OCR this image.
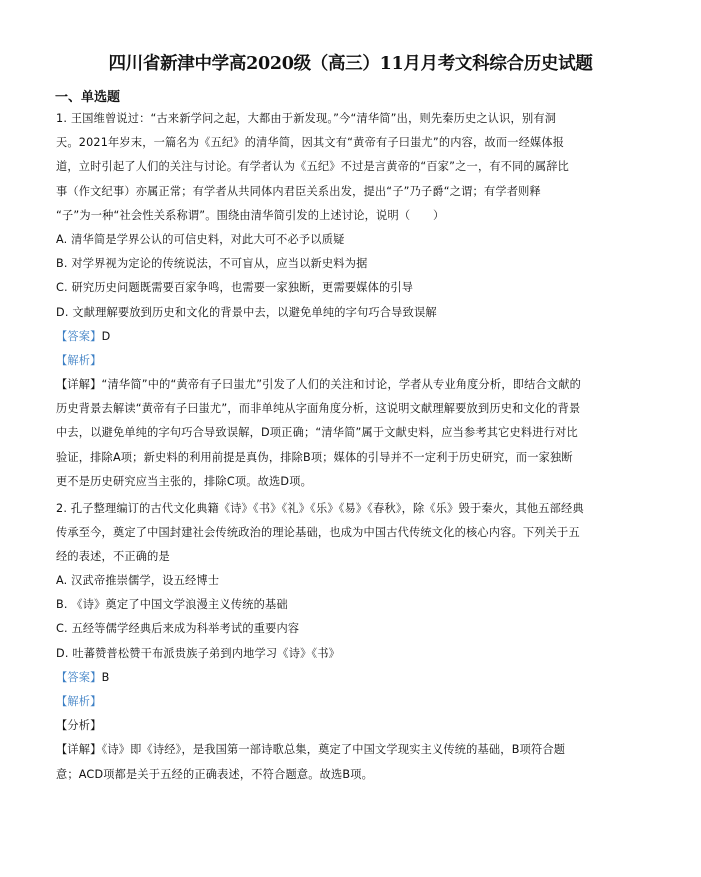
四川省新津中学高2020级（高三）11月月考文科综合历史试题
一、单选题
1. 王国维曾说过：“古来新学问之起，大都由于新发现。”今“清华简”出，则先秦历史之认识，别有洞
天。2021年岁末，一篇名为《五纪》的清华简，因其文有“黄帝有子曰蚩尤”的内容，故而一经媒体报
道，立时引起了人们的关注与讨论。有学者认为《五纪》不过是言黄帝的“百家”之一，有不同的属辞比
事（作文纪事）亦属正常；有学者从共同体内君臣关系出发，提出“子”乃子爵“之谓；有学者则释
“子”为一种“社会性关系称谓”。围绕由清华简引发的上述讨论，说明（　　）
A. 清华简是学界公认的可信史料，对此大可不必予以质疑
B. 对学界视为定论的传统说法，不可盲从，应当以新史料为据
C. 研究历史问题既需要百家争鸣，也需要一家独断，更需要媒体的引导
D. 文献理解要放到历史和文化的背景中去，以避免单纯的字句巧合导致误解
【答案】D
【解析】
【详解】“清华简”中的“黄帝有子曰蚩尤”引发了人们的关注和讨论，学者从专业角度分析，即结合文献的
历史背景去解读“黄帝有子曰蚩尤”，而非单纯从字面角度分析，这说明文献理解要放到历史和文化的背景
中去，以避免单纯的字句巧合导致误解，D项正确；“清华简”属于文献史料，应当参考其它史料进行对比
验证，排除A项；新史料的利用前提是真伪，排除B项；媒体的引导并不一定利于历史研究，而一家独断
更不是历史研究应当主张的，排除C项。故选D项。
2. 孔子整理编订的古代文化典籍《诗》《书》《礼》《乐》《易》《春秋》，除《乐》毁于秦火，其他五部经典
传承至今，奠定了中国封建社会传统政治的理论基础，也成为中国古代传统文化的核心内容。下列关于五
经的表述，不正确的是
A. 汉武帝推崇儒学，设五经博士
B. 《诗》奠定了中国文学浪漫主义传统的基础
C. 五经等儒学经典后来成为科举考试的重要内容
D. 吐蕃赞普松赞干布派贵族子弟到内地学习《诗》《书》
【答案】B
【解析】
【分析】
【详解】《诗》即《诗经》，是我国第一部诗歌总集，奠定了中国文学现实主义传统的基础，B项符合题
意；ACD项都是关于五经的正确表述，不符合题意。故选B项。
